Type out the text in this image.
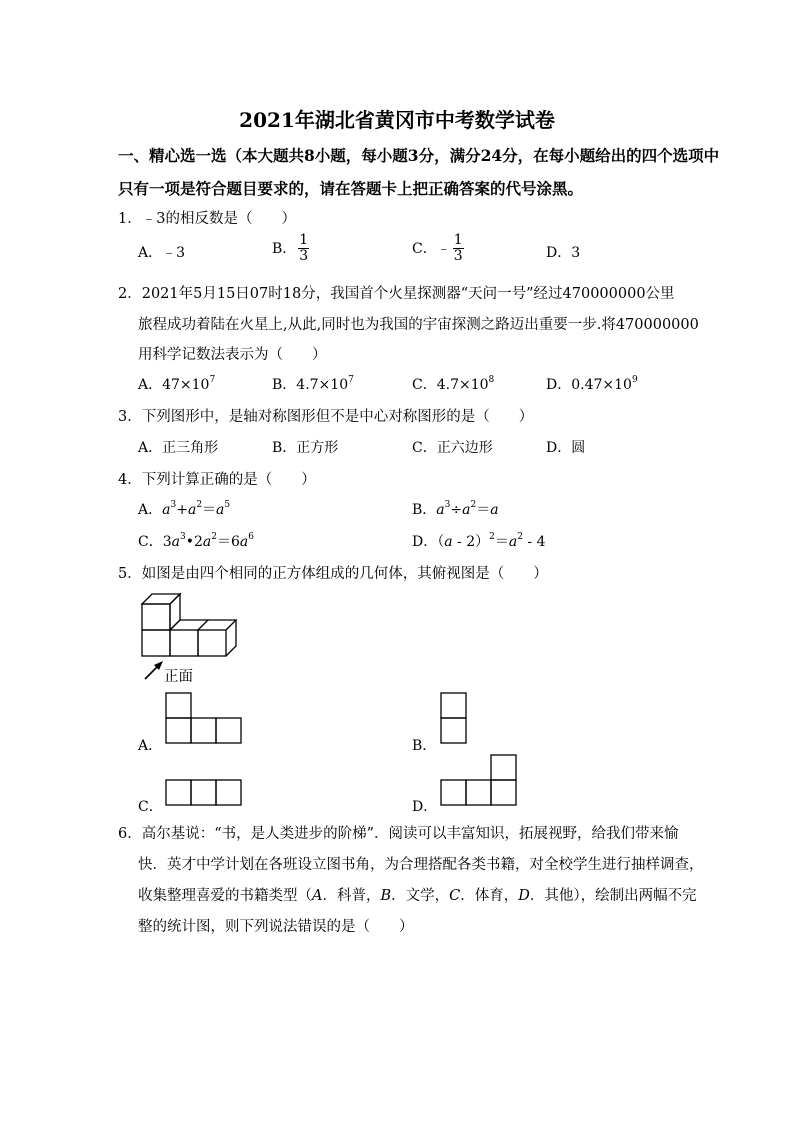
2021年湖北省黄冈市中考数学试卷
一、精心选一选（本大题共8小题，每小题3分，满分24分，在每小题给出的四个选项中
只有一项是符合题目要求的，请在答题卡上把正确答案的代号涂黑。
1．﹣3的相反数是（　　）
A．﹣3	B． $\frac{1}{3}$	C．﹣ $\frac{1}{3}$	D．3
2．2021年5月15日07时18分，我国首个火星探测器“天问一号”经过470000000公里
旅程成功着陆在火星上,从此,同时也为我国的宇宙探测之路迈出重要一步.将470000000
用科学记数法表示为（　　）
A．$47\times 10^7$	B．$4.7\times 10^7$	C．$4.7\times 10^8$	D．$0.47\times 10^9$
3．下列图形中，是轴对称图形但不是中心对称图形的是（　　）
A．正三角形	B．正方形	C．正六边形	D．圆
4．下列计算正确的是（　　）
A．$a^3+a^2=a^5$	B．$a^3\div a^2=a$
C．$3a^3•2a^2=6a^6$	D．$(a - 2)^2=a^2 - 4$
5．如图是由四个相同的正方体组成的几何体，其俯视图是（　　）
正面
A．	B．
C．	D．
6．高尔基说：“书，是人类进步的阶梯”．阅读可以丰富知识，拓展视野，给我们带来愉
快．英才中学计划在各班设立图书角，为合理搭配各类书籍，对全校学生进行抽样调查，
收集整理喜爱的书籍类型（A．科普，B．文学，C．体育，D．其他），绘制出两幅不完
整的统计图，则下列说法错误的是（　　）
